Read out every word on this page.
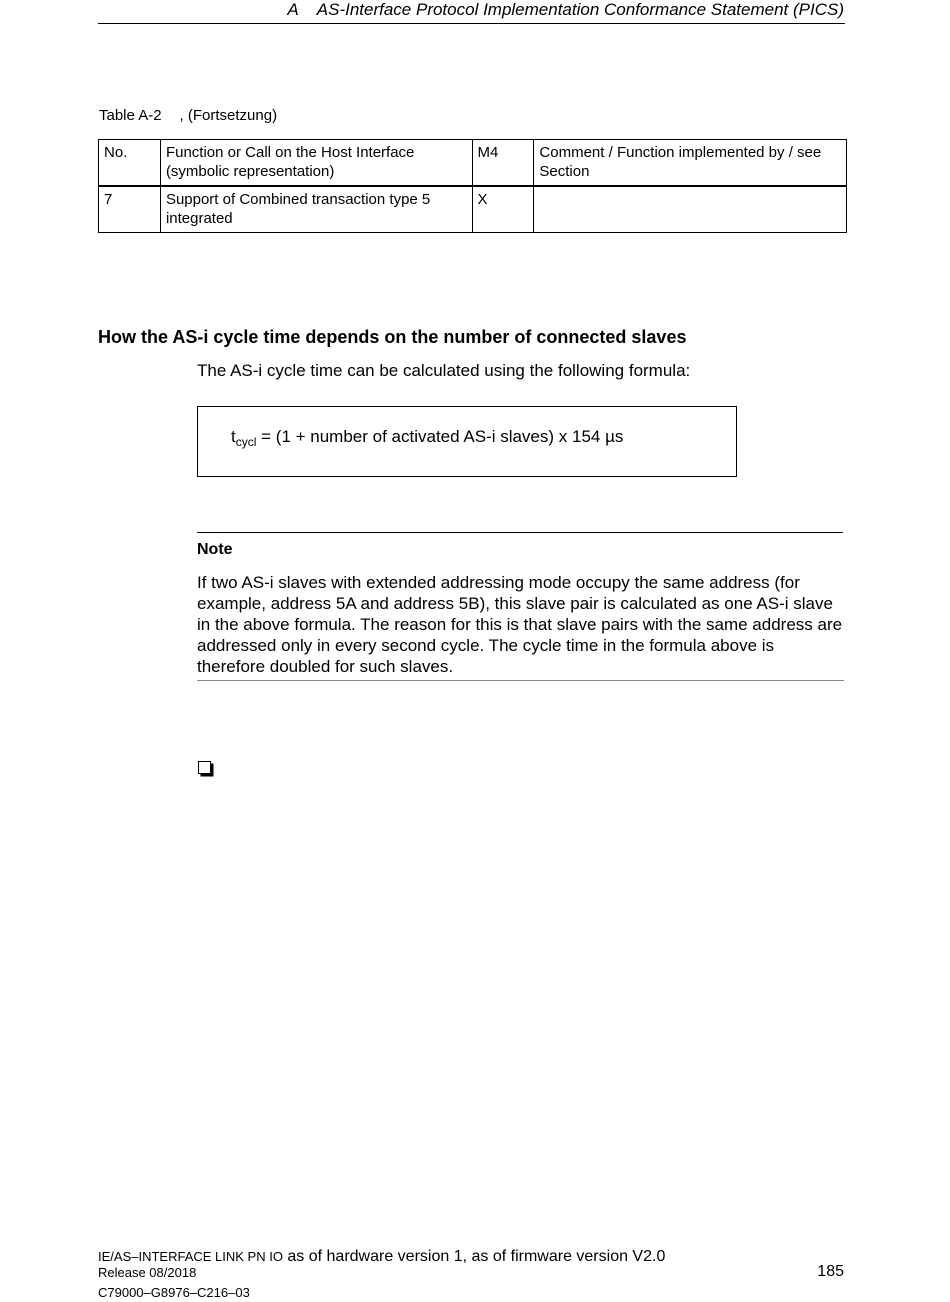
A AS-Interface Protocol Implementation Conformance Statement (PICS)
Table A-2 , (Fortsetzung)
No.	Function or Call on the Host Interface (symbolic representation)	M4	Comment / Function implemented by / see Section
7	Support of Combined transaction type 5 integrated	X	
How the AS-i cycle time depends on the number of connected slaves
The AS-i cycle time can be calculated using the following formula:
$t_{cycl} = (1$ + number of activated AS-i slaves) x 154 µs
Note
If two AS-i slaves with extended addressing mode occupy the same address (for example, address 5A and address 5B), this slave pair is calculated as one AS-i slave in the above formula. The reason for this is that slave pairs with the same address are addressed only in every second cycle. The cycle time in the formula above is therefore doubled for such slaves.
IE/AS–INTERFACE LINK PN IO as of hardware version 1, as of firmware version V2.0
Release 08/2018
C79000–G8976–C216–03
185
